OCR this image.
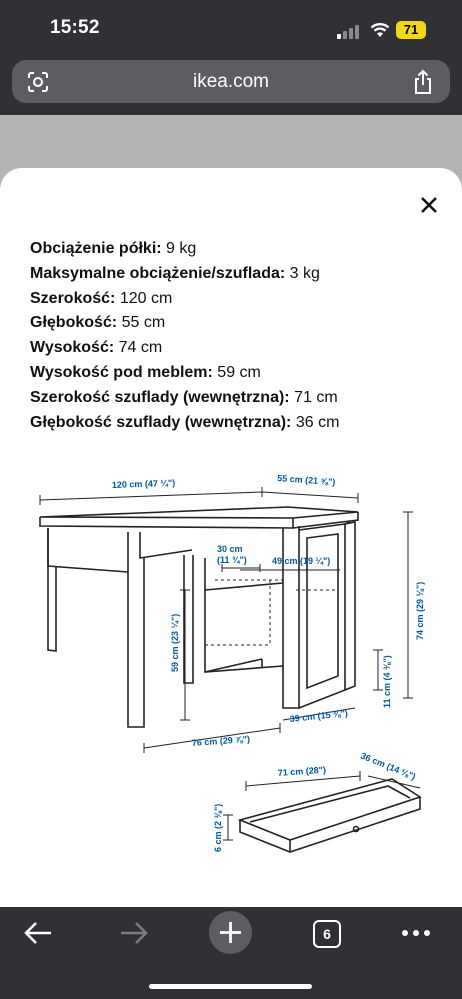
15:52	71
ikea.com
Obciążenie półki: 9 kg
Maksymalne obciążenie/szuflada: 3 kg
Szerokość: 120 cm
Głębokość: 55 cm
Wysokość: 74 cm
Wysokość pod meblem: 59 cm
Szerokość szuflady (wewnętrzna): 71 cm
Głębokość szuflady (wewnętrzna): 36 cm
120 cm (47 ¼")	55 cm (21 ⅝")
30 cm
(11 ¾")	49 cm (19 ¼")
74 cm (29 ⅛")
59 cm (23 ¼")
11 cm (4 ⅜")
39 cm (15 ⅜")
76 cm (29 ⅞")
71 cm (28")	36 cm (14 ⅛")
6 cm (2 ⅜")
6
